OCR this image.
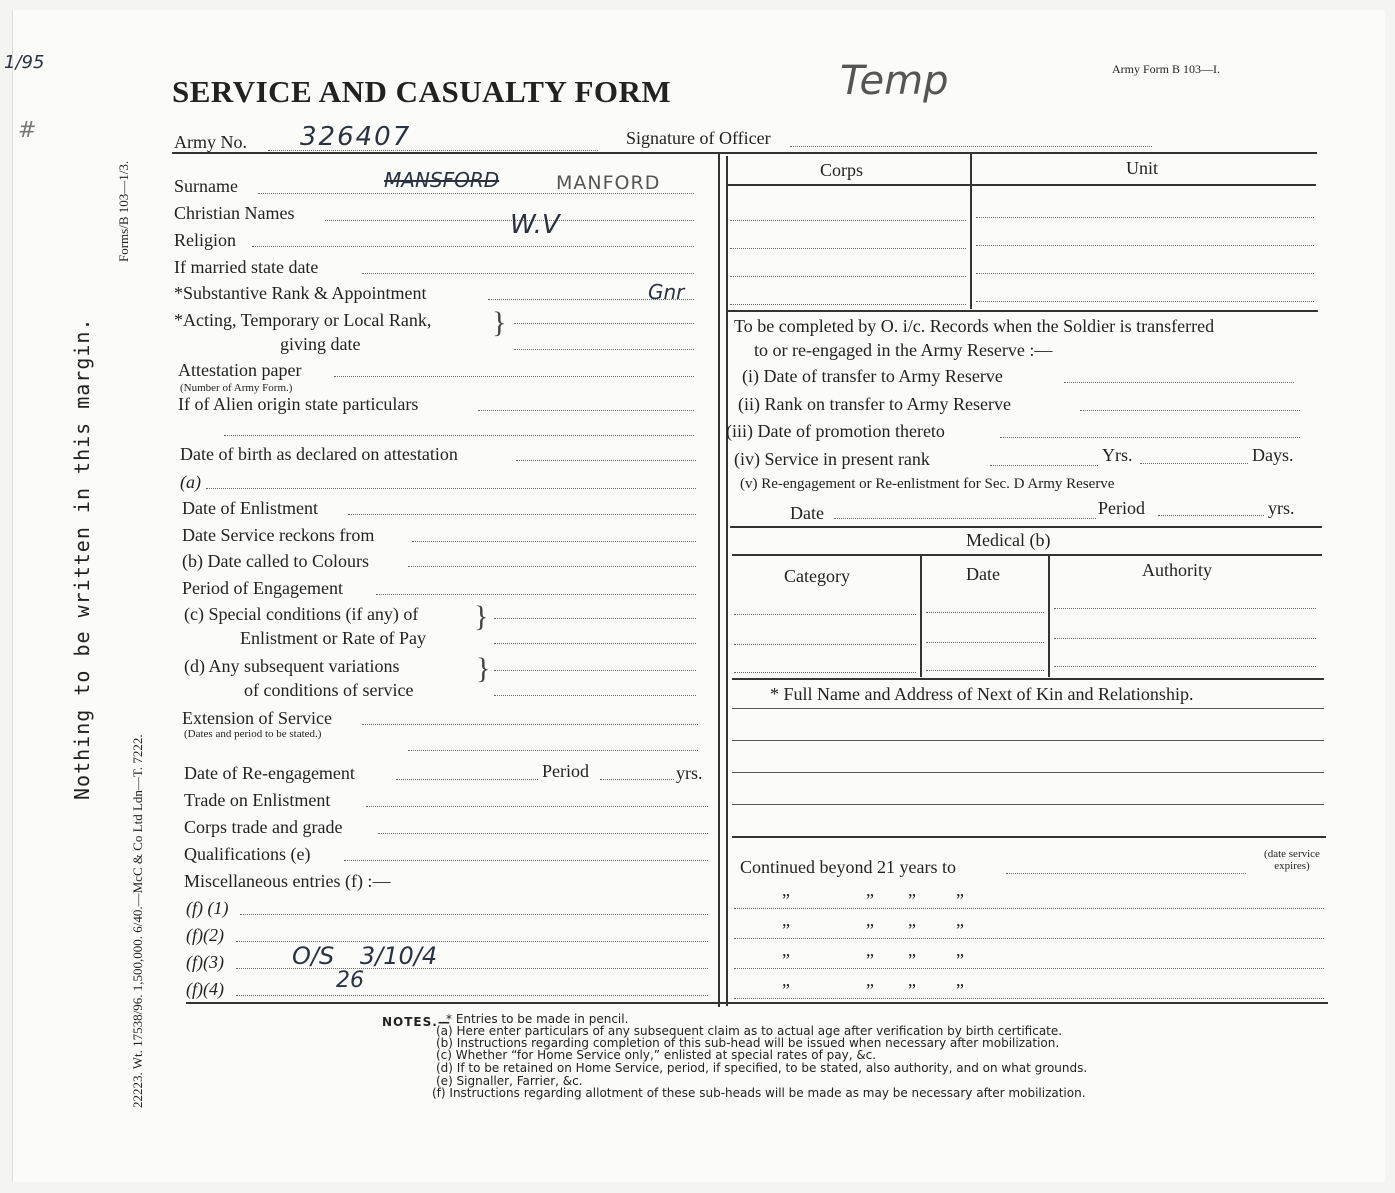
1/95
#
Nothing to be written in this margin.
Forms/B 103—1/3.
22223. Wt. 17538/96. 1,500,000. 6/40.—McC & Co Ltd Ldn—T. 7222.
SERVICE AND CASUALTY FORM
Army Form B 103—I.
Temp
Army No. 326407	Signature of Officer
Surname	MANSFORD	MANFORD
Christian Names	W.V
Religion
If married state date
*Substantive Rank & Appointment	Gnr
*Acting, Temporary or Local Rank,
giving date
}
Attestation paper
(Number of Army Form.)
If of Alien origin state particulars
Date of birth as declared on attestation
(a)
Date of Enlistment
Date Service reckons from
(b) Date called to Colours
Period of Engagement
(c) Special conditions (if any) of
Enlistment or Rate of Pay
}
(d) Any subsequent variations
of conditions of service
}
Extension of Service
(Dates and period to be stated.)
Date of Re-engagement	Period	yrs.
Trade on Enlistment
Corps trade and grade
Qualifications (e)
Miscellaneous entries (f) :—
(f) (1)
(f)(2)
(f)(3)	O/S 3/10/4
(f)(4)	26
Corps	Unit
To be completed by O. i/c. Records when the Soldier is transferred
to or re-engaged in the Army Reserve :—
(i) Date of transfer to Army Reserve
(ii) Rank on transfer to Army Reserve
(iii) Date of promotion thereto
(iv) Service in present rank	Yrs.	Days.
(v) Re-engagement or Re-enlistment for Sec. D Army Reserve
Date	Period	yrs.
Medical (b)
Category	Date	Authority
* Full Name and Address of Next of Kin and Relationship.
Continued beyond 21 years to
(date service expires)
”	” ” ”
”	” ” ”
”	” ” ”
”	” ” ”
NOTES.—
* Entries to be made in pencil.
(a) Here enter particulars of any subsequent claim as to actual age after verification by birth certificate.
(b) Instructions regarding completion of this sub-head will be issued when necessary after mobilization.
(c) Whether “for Home Service only,” enlisted at special rates of pay, &c.
(d) If to be retained on Home Service, period, if specified, to be stated, also authority, and on what grounds.
(e) Signaller, Farrier, &c.
(f) Instructions regarding allotment of these sub-heads will be made as may be necessary after mobilization.
